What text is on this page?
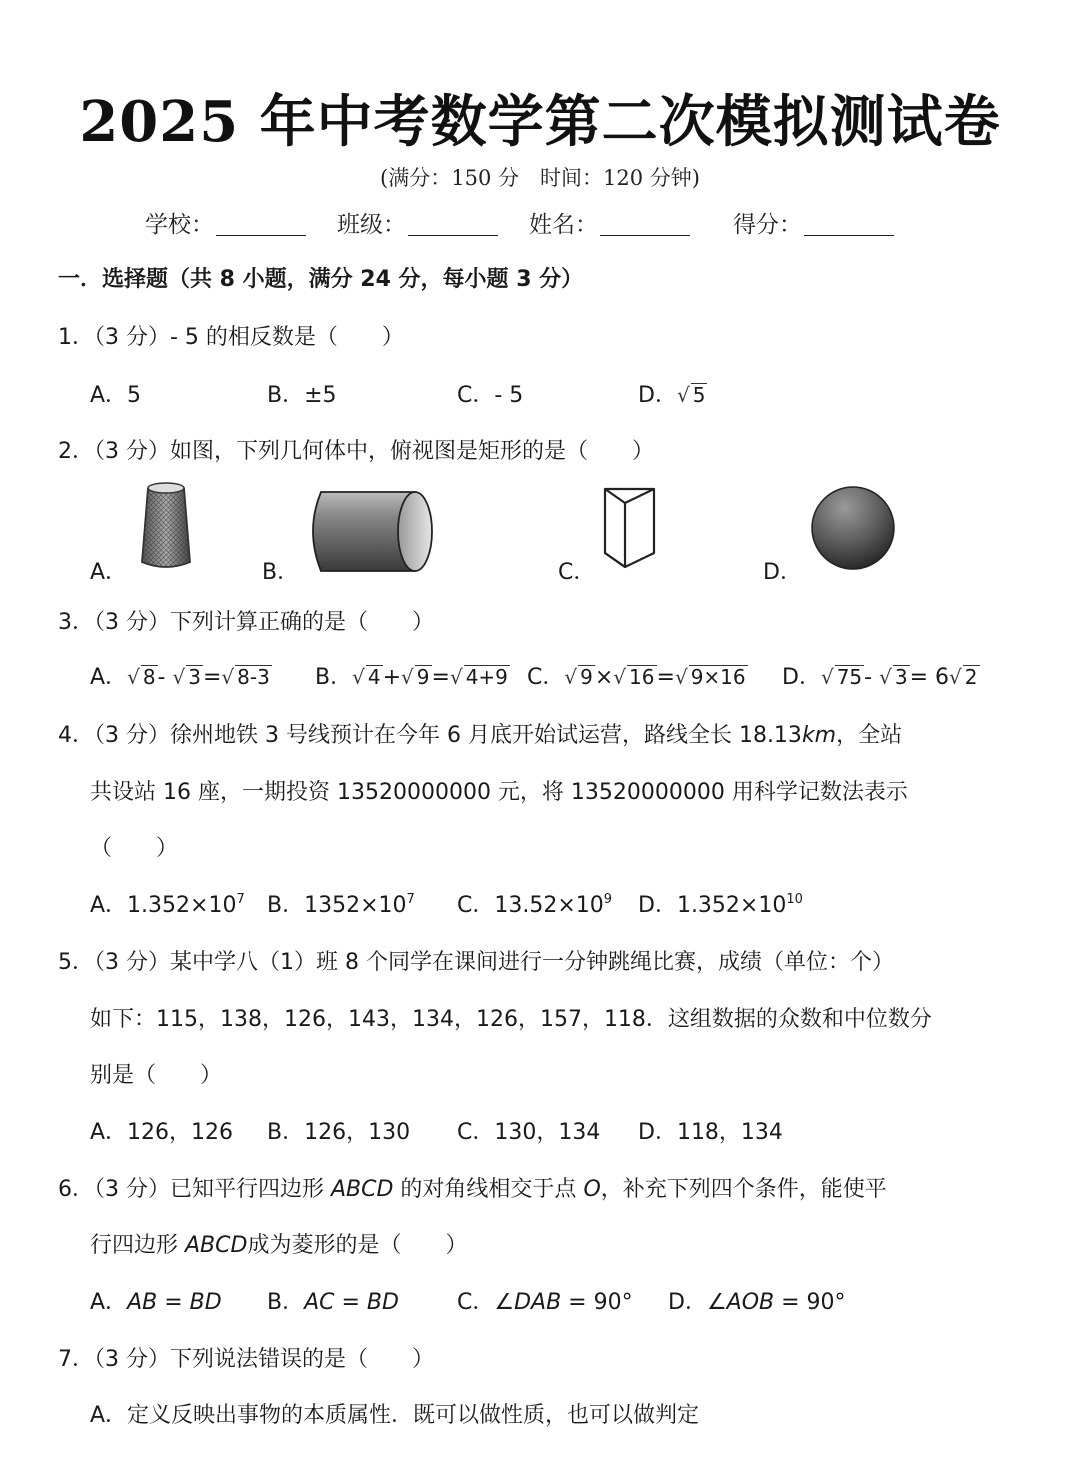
2025 年中考数学第二次模拟测试卷
(满分：150 分　时间：120 分钟)
学校：	班级：	姓名：	得分：
一．选择题（共 8 小题，满分 24 分，每小题 3 分）
1．（3 分）- 5 的相反数是（　　）
A．5	B．±5	C．- 5	D．√ 5
2．（3 分）如图，下列几何体中，俯视图是矩形的是（　　）
A．	B．	C．	D．
3．（3 分）下列计算正确的是（　　）
A．√ 8- √ 3=√ 8-3 B．√ 4+√ 9=√ 4+9 C．√ 9×√ 16=√ 9×16 D．√ 75- √ 3= 6√ 2
4．（3 分）徐州地铁 3 号线预计在今年 6 月底开始试运营，路线全长 18.13km，全站
共设站 16 座，一期投资 13520000000 元，将 13520000000 用科学记数法表示
（　　）
A．$1.352\times 10^7$ B．$1352\times 10^7$ C．$13.52\times 10^9$ D．$1.352\times 10^{10}$
5．（3 分）某中学八（1）班 8 个同学在课间进行一分钟跳绳比赛，成绩（单位：个）
如下：115，138，126，143，134，126，157，118．这组数据的众数和中位数分
别是（　　）
A．126，126 B．126，130 C．130，134 D．118，134
6．（3 分）已知平行四边形 ABCD 的对角线相交于点 O，补充下列四个条件，能使平
行四边形 ABCD成为菱形的是（　　）
A．AB = BD B．AC = BD	C．∠DAB = 90° D．∠AOB = 90°
7．（3 分）下列说法错误的是（　　）
A．定义反映出事物的本质属性．既可以做性质，也可以做判定
